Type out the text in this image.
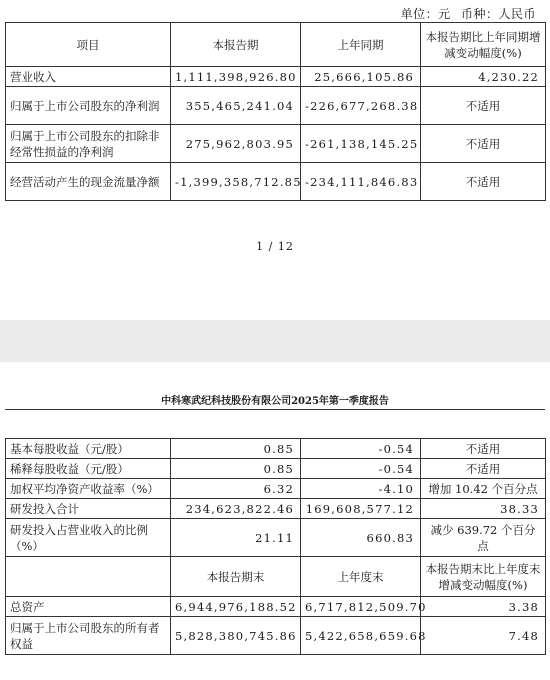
单位：元 币种：人民币
项目	本报告期	上年同期	本报告期比上年同期增减变动幅度(%)
营业收入	1,111,398,926.80	25,666,105.86	4,230.22
归属于上市公司股东的净利润	355,465,241.04	-226,677,268.38	不适用
归属于上市公司股东的扣除非经常性损益的净利润	275,962,803.95	-261,138,145.25	不适用
经营活动产生的现金流量净额	-1,399,358,712.85	-234,111,846.83	不适用
1 / 12
中科寒武纪科技股份有限公司2025年第一季度报告
基本每股收益（元/股）	0.85	-0.54	不适用
稀释每股收益（元/股）	0.85	-0.54	不适用
加权平均净资产收益率（%）	6.32	-4.10	增加 10.42 个百分点
研发投入合计	234,623,822.46	169,608,577.12	38.33
研发投入占营业收入的比例（%）	21.11	660.83	减少 639.72 个百分点
	本报告期末	上年度末	本报告期末比上年度末增减变动幅度(%)
总资产	6,944,976,188.52	6,717,812,509.70	3.38
归属于上市公司股东的所有者权益	5,828,380,745.86	5,422,658,659.68	7.48
